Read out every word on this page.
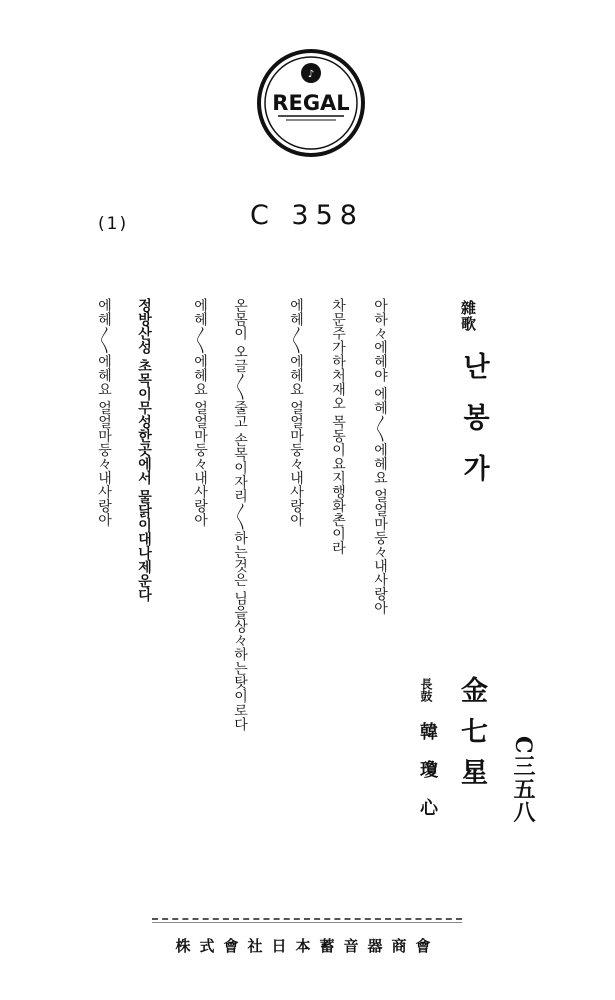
♪
REGAL
(1)	C 358
아하々에헤야 에헤〳〵에헤요 얼얼마둥々내사랑아
차문주가하처재오 목동이요지행화촌이라
에헤〳〵에헤요 얼얼마둥々내사랑아
온몸이 오글〳〵줄고 손목이자리〳〵하는것은 님을상々하는탓이로다
에헤〳〵에헤요 얼얼마둥々내사랑아
정방산성 초목이무성한곳에서 물닭이대나제운다
에헤〳〵에헤요 얼얼마둥々내사랑아	雜歌
난봉가
金七星
長鼓
韓瓊心	C三五八
株式會社日本蓄音器商會
